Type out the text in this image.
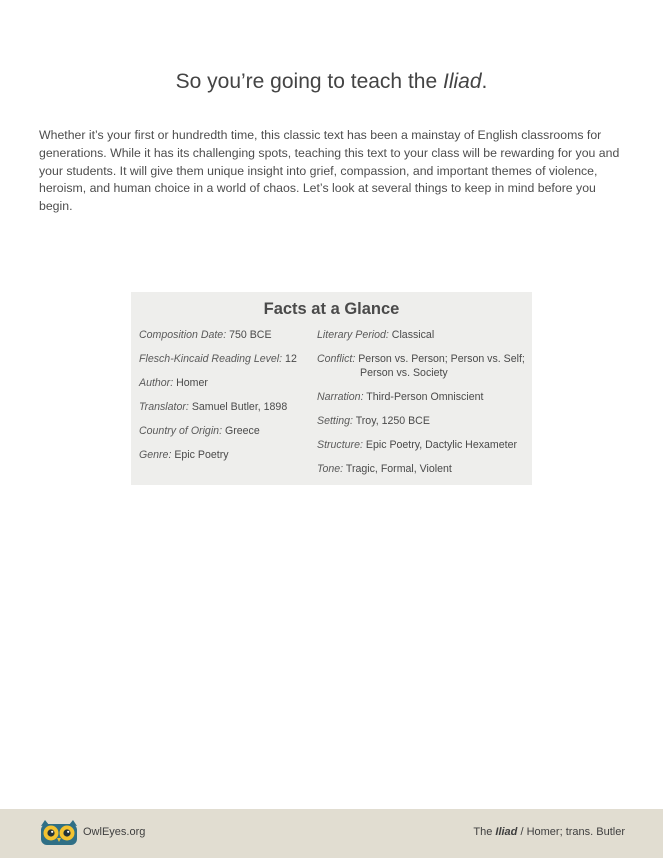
So you’re going to teach the Iliad.

Whether it’s your first or hundredth time, this classic text has been a mainstay of English classrooms for generations. While it has its challenging spots, teaching this text to your class will be rewarding for you and your students. It will give them unique insight into grief, compassion, and important themes of violence, heroism, and human choice in a world of chaos. Let’s look at several things to keep in mind before you begin.

Facts at a Glance

Composition Date: 750 BCE

Flesch-Kincaid Reading Level: 12

Author: Homer

Translator: Samuel Butler, 1898

Country of Origin: Greece

Genre: Epic Poetry

Literary Period: Classical

Conflict: Person vs. Person; Person vs. Self; Person vs. Society

Narration: Third-Person Omniscient

Setting: Troy, 1250 BCE

Structure: Epic Poetry, Dactylic Hexameter

Tone: Tragic, Formal, Violent

OwlEyes.org	The Iliad / Homer; trans. Butler
